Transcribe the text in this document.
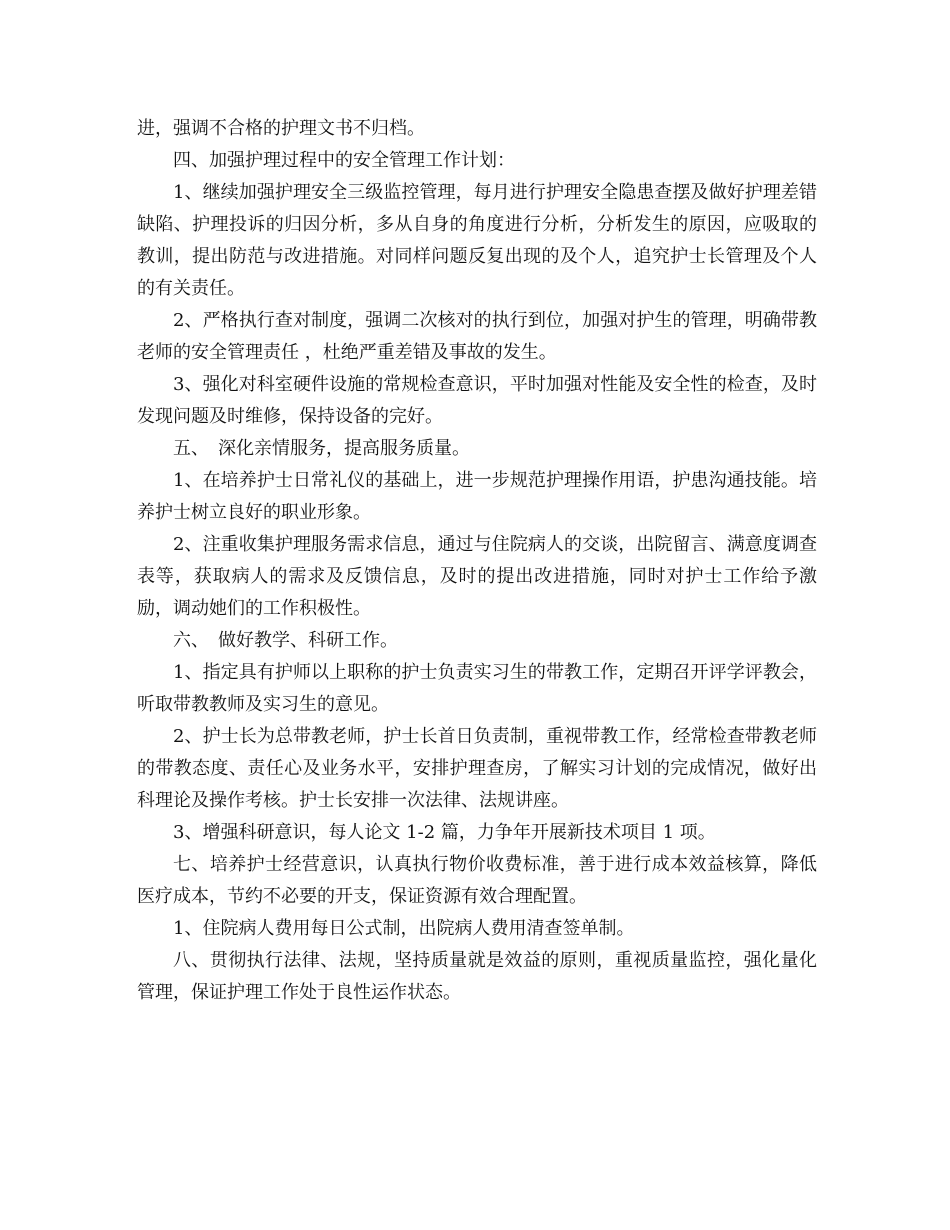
进，强调不合格的护理文书不归档。

四、加强护理过程中的安全管理工作计划：

1、继续加强护理安全三级监控管理，每月进行护理安全隐患查摆及做好护理差错缺陷、护理投诉的归因分析，多从自身的角度进行分析，分析发生的原因，应吸取的教训，提出防范与改进措施。对同样问题反复出现的及个人，追究护士长管理及个人的有关责任。

2、严格执行查对制度，强调二次核对的执行到位，加强对护生的管理，明确带教老师的安全管理责任 ，杜绝严重差错及事故的发生。

3、强化对科室硬件设施的常规检查意识，平时加强对性能及安全性的检查，及时发现问题及时维修，保持设备的完好。

五、　深化亲情服务，提高服务质量。

1、在培养护士日常礼仪的基础上，进一步规范护理操作用语，护患沟通技能。培养护士树立良好的职业形象。

2、注重收集护理服务需求信息，通过与住院病人的交谈，出院留言、满意度调查表等，获取病人的需求及反馈信息，及时的提出改进措施，同时对护士工作给予激励，调动她们的工作积极性。

六、　做好教学、科研工作。

1、指定具有护师以上职称的护士负责实习生的带教工作，定期召开评学评教会，听取带教教师及实习生的意见。

2、护士长为总带教老师，护士长首日负责制，重视带教工作，经常检查带教老师的带教态度、责任心及业务水平，安排护理查房，了解实习计划的完成情况，做好出科理论及操作考核。护士长安排一次法律、法规讲座。

3、增强科研意识，每人论文 1-2 篇，力争年开展新技术项目 1 项。

七、培养护士经营意识，认真执行物价收费标准，善于进行成本效益核算，降低医疗成本，节约不必要的开支，保证资源有效合理配置。

1、住院病人费用每日公式制，出院病人费用清查签单制。

八、贯彻执行法律、法规，坚持质量就是效益的原则，重视质量监控，强化量化管理，保证护理工作处于良性运作状态。
